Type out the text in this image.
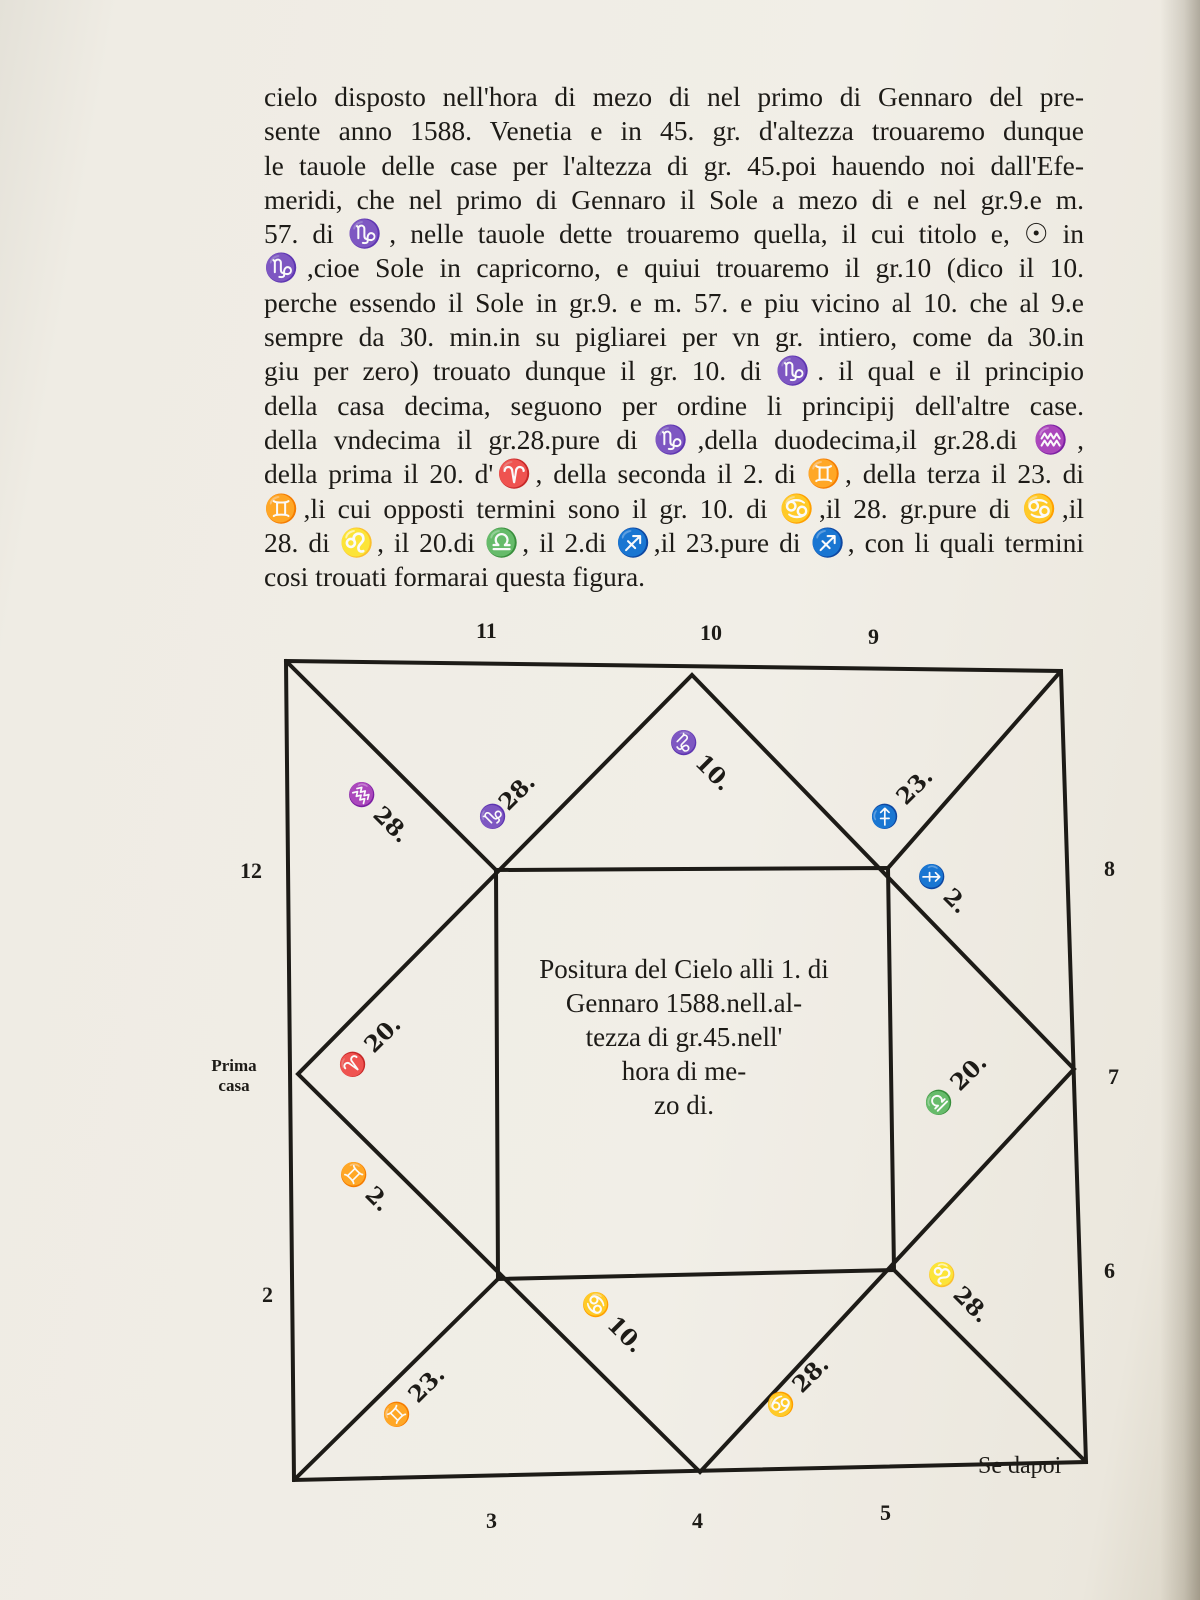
cielo disposto nell'hora di mezo di nel primo di Gennaro del pre-
sente anno 1588. Venetia e in 45. gr. d'altezza trouaremo dunque
le tauole delle case per l'altezza di gr. 45.poi hauendo noi dall'Efe-
meridi, che nel primo di Gennaro il Sole a mezo di e nel gr.9.e m.
57. di ♑, nelle tauole dette trouaremo quella, il cui titolo e, ☉ in
♑,cioe Sole in capricorno, e quiui trouaremo il gr.10 (dico il 10.
perche essendo il Sole in gr.9. e m. 57. e piu vicino al 10. che al 9.e
sempre da 30. min.in su pigliarei per vn gr. intiero, come da 30.in
giu per zero) trouato dunque il gr. 10. di ♑. il qual e il principio
della casa decima, seguono per ordine li principij dell'altre case.
della vndecima il gr.28.pure di ♑,della duodecima,il gr.28.di ♒,
della prima il 20. d'♈, della seconda il 2. di ♊, della terza il 23. di
♊,li cui opposti termini sono il gr. 10. di ♋,il 28. gr.pure di ♋,il
28. di ♌, il 20.di ♎, il 2.di ♐,il 23.pure di ♐, con li quali termini
cosi trouati formarai questa figura.

♑ 10.
♑28.
♒ 28.	♐ 23.
♐ 2.
♈ 20.
♎ 20.
♊ 2.
♌ 28.
♋ 10.
♊ 23.	♋ 28.
11	10	9
12	8
Prima
casa	7
2
6
3	4	5
Positura del Cielo alli 1. di
Gennaro 1588.nell.al-
tezza di gr.45.nell'
hora di me-
zo di.
Se dapoi
